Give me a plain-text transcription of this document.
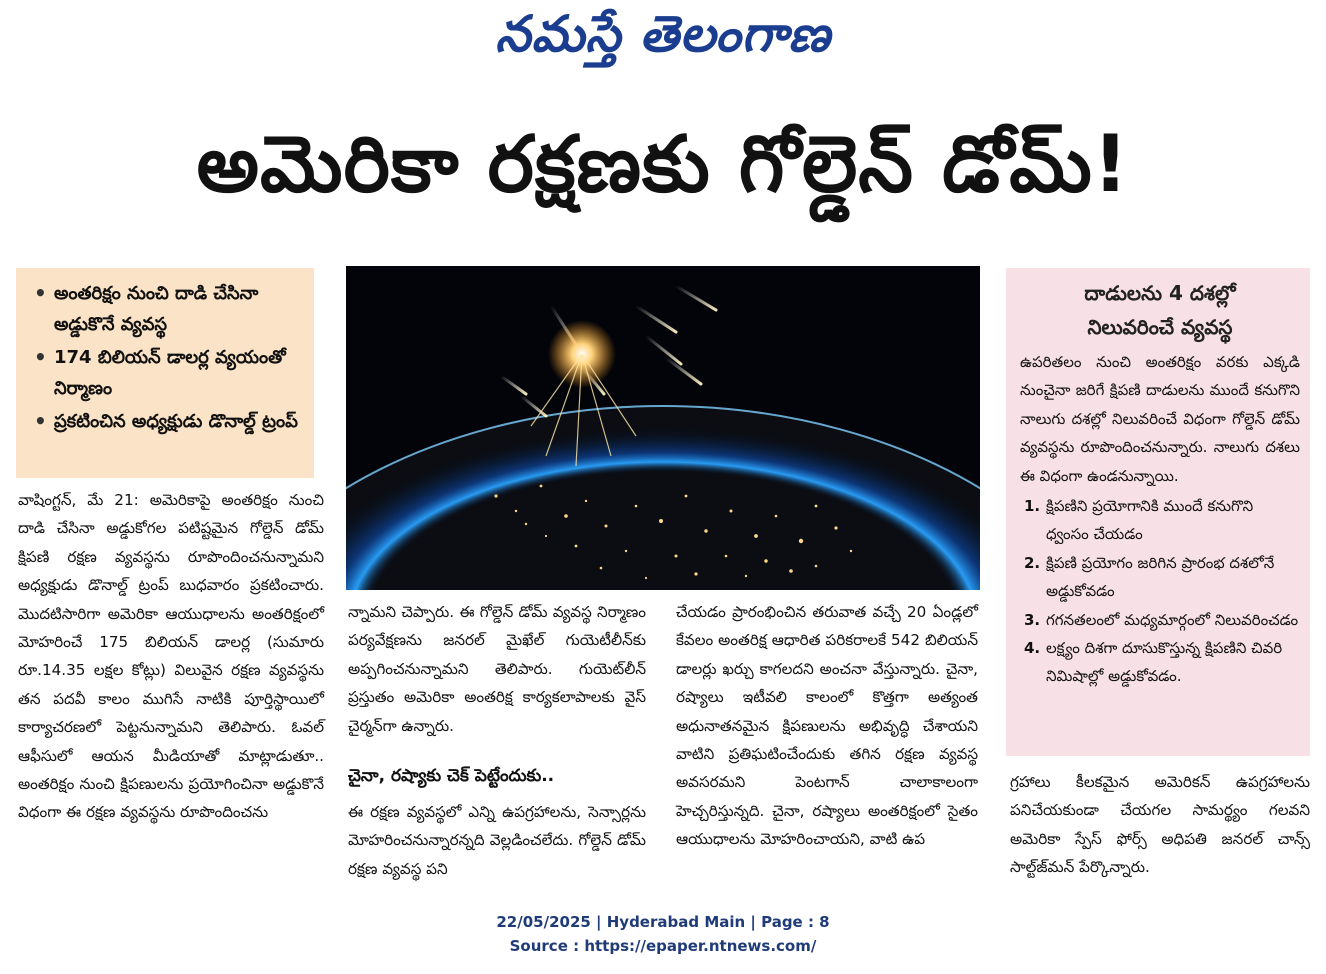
నమస్తే తెలంగాణ
అమెరికా రక్షణకు గోల్డెన్ డోమ్!
• అంతరిక్షం నుంచి దాడి చేసినా అడ్డుకొనే వ్యవస్థ
• 174 బిలియన్ డాలర్ల వ్యయంతో నిర్మాణం
• ప్రకటించిన అధ్యక్షుడు డొనాల్డ్ ట్రంప్
వాషింగ్టన్, మే 21: అమెరికాపై అంతరిక్షం నుంచి దాడి చేసినా అడ్డుకోగల పటిష్టమైన గోల్డెన్ డోమ్ క్షిపణి రక్షణ వ్యవస్థను రూపొందించనున్నామని అధ్యక్షుడు డొనాల్డ్ ట్రంప్ బుధవారం ప్రకటించారు. మొదటిసారిగా అమెరికా ఆయుధాలను అంతరిక్షంలో మోహరించే 175 బిలియన్ డాలర్ల (సుమారు రూ.14.35 లక్షల కోట్లు) విలువైన రక్షణ వ్యవస్థను తన పదవీ కాలం ముగిసే నాటికి పూర్తిస్థాయిలో కార్యాచరణలో పెట్టనున్నామని తెలిపారు. ఓవల్ ఆఫీసులో ఆయన మీడియాతో మాట్లాడుతూ.. అంతరిక్షం నుంచి క్షిపణులను ప్రయోగించినా అడ్డుకొనే విధంగా ఈ రక్షణ వ్యవస్థను రూపొందించను
న్నామని చెప్పారు. ఈ గోల్డెన్ డోమ్ వ్యవస్థ నిర్మాణం పర్యవేక్షణను జనరల్ మైఖేల్ గుయెటీలీన్‌కు అప్పగించనున్నామని తెలిపారు. గుయెట్‌లీన్ ప్రస్తుతం అమెరికా అంతరిక్ష కార్యకలాపాలకు వైస్ చైర్మన్‌గా ఉన్నారు.
చైనా, రష్యాకు చెక్ పెట్టేందుకు..
ఈ రక్షణ వ్యవస్థలో ఎన్ని ఉపగ్రహాలను, సెన్సార్లను మోహరించనున్నారన్నది వెల్లడించలేదు. గోల్డెన్ డోమ్ రక్షణ వ్యవస్థ పని
చేయడం ప్రారంభించిన తరువాత వచ్చే 20 ఏండ్లలో కేవలం అంతరిక్ష ఆధారిత పరికరాలకే 542 బిలియన్ డాలర్లు ఖర్చు కాగలదని అంచనా వేస్తున్నారు. చైనా, రష్యాలు ఇటీవలి కాలంలో కొత్తగా అత్యంత అధునాతనమైన క్షిపణులను అభివృద్ధి చేశాయని వాటిని ప్రతిఘటించేందుకు తగిన రక్షణ వ్యవస్థ అవసరమని పెంటగాన్ చాలాకాలంగా హెచ్చరిస్తున్నది. చైనా, రష్యాలు అంతరిక్షంలో సైతం ఆయుధాలను మోహరించాయని, వాటి ఉప
దాడులను 4 దశల్లో
నిలువరించే వ్యవస్థ
ఉపరితలం నుంచి అంతరిక్షం వరకు ఎక్కడి నుంచైనా జరిగే క్షిపణి దాడులను ముందే కనుగొని నాలుగు దశల్లో నిలువరించే విధంగా గోల్డెన్ డోమ్ వ్యవస్థను రూపొందించనున్నారు. నాలుగు దశలు ఈ విధంగా ఉండనున్నాయి.
1. క్షిపణిని ప్రయోగానికి ముందే కనుగొని ధ్వంసం చేయడం
2. క్షిపణి ప్రయోగం జరిగిన ప్రారంభ దశలోనే అడ్డుకోవడం
3. గగనతలంలో మధ్యమార్గంలో నిలువరించడం
4. లక్ష్యం దిశగా దూసుకొస్తున్న క్షిపణిని చివరి నిమిషాల్లో అడ్డుకోవడం.
గ్రహాలు కీలకమైన అమెరికన్ ఉపగ్రహాలను పనిచేయకుండా చేయగల సామర్థ్యం గలవని అమెరికా స్పేస్ ఫోర్స్ అధిపతి జనరల్ చాన్స్ సాల్ట్‌జ్‌మన్ పేర్కొన్నారు.
22/05/2025 | Hyderabad Main | Page : 8
Source : https://epaper.ntnews.com/
